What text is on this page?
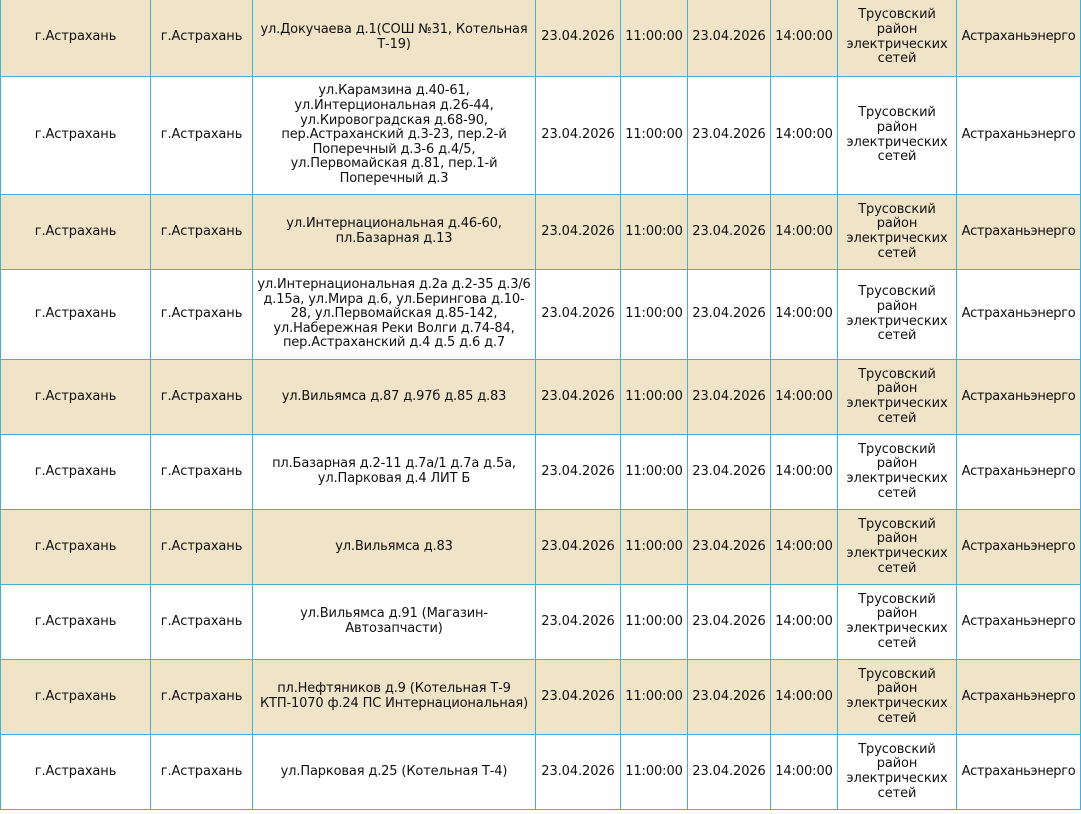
г.Астрахань	г.Астрахань	ул.Докучаева д.1(СОШ №31, Котельная Т-19)	23.04.2026	11:00:00	23.04.2026	14:00:00	Трусовский район электрических сетей	Астраханьэнерго
г.Астрахань	г.Астрахань	ул.Карамзина д.40-61, ул.Интерциональная д.26-44, ул.Кировоградская д.68-90, пер.Астраханский д.3-23, пер.2-й Поперечный д.3-6 д.4/5, ул.Первомайская д.81, пер.1-й Поперечный д.3	23.04.2026	11:00:00	23.04.2026	14:00:00	Трусовский район электрических сетей	Астраханьэнерго
г.Астрахань	г.Астрахань	ул.Интернациональная д.46-60, пл.Базарная д.13	23.04.2026	11:00:00	23.04.2026	14:00:00	Трусовский район электрических сетей	Астраханьэнерго
г.Астрахань	г.Астрахань	ул.Интернациональная д.2а д.2-35 д.3/6 д.15а, ул.Мира д.6, ул.Берингова д.10-28, ул.Первомайская д.85-142, ул.Набережная Реки Волги д.74-84, пер.Астраханский д.4 д.5 д.6 д.7	23.04.2026	11:00:00	23.04.2026	14:00:00	Трусовский район электрических сетей	Астраханьэнерго
г.Астрахань	г.Астрахань	ул.Вильямса д.87 д.97б д.85 д.83	23.04.2026	11:00:00	23.04.2026	14:00:00	Трусовский район электрических сетей	Астраханьэнерго
г.Астрахань	г.Астрахань	пл.Базарная д.2-11 д.7а/1 д.7а д.5а, ул.Парковая д.4 ЛИТ Б	23.04.2026	11:00:00	23.04.2026	14:00:00	Трусовский район электрических сетей	Астраханьэнерго
г.Астрахань	г.Астрахань	ул.Вильямса д.83	23.04.2026	11:00:00	23.04.2026	14:00:00	Трусовский район электрических сетей	Астраханьэнерго
г.Астрахань	г.Астрахань	ул.Вильямса д.91 (Магазин-Автозапчасти)	23.04.2026	11:00:00	23.04.2026	14:00:00	Трусовский район электрических сетей	Астраханьэнерго
г.Астрахань	г.Астрахань	пл.Нефтяников д.9 (Котельная Т-9 КТП-1070 ф.24 ПС Интернациональная)	23.04.2026	11:00:00	23.04.2026	14:00:00	Трусовский район электрических сетей	Астраханьэнерго
г.Астрахань	г.Астрахань	ул.Парковая д.25 (Котельная Т-4)	23.04.2026	11:00:00	23.04.2026	14:00:00	Трусовский район электрических сетей	Астраханьэнерго
